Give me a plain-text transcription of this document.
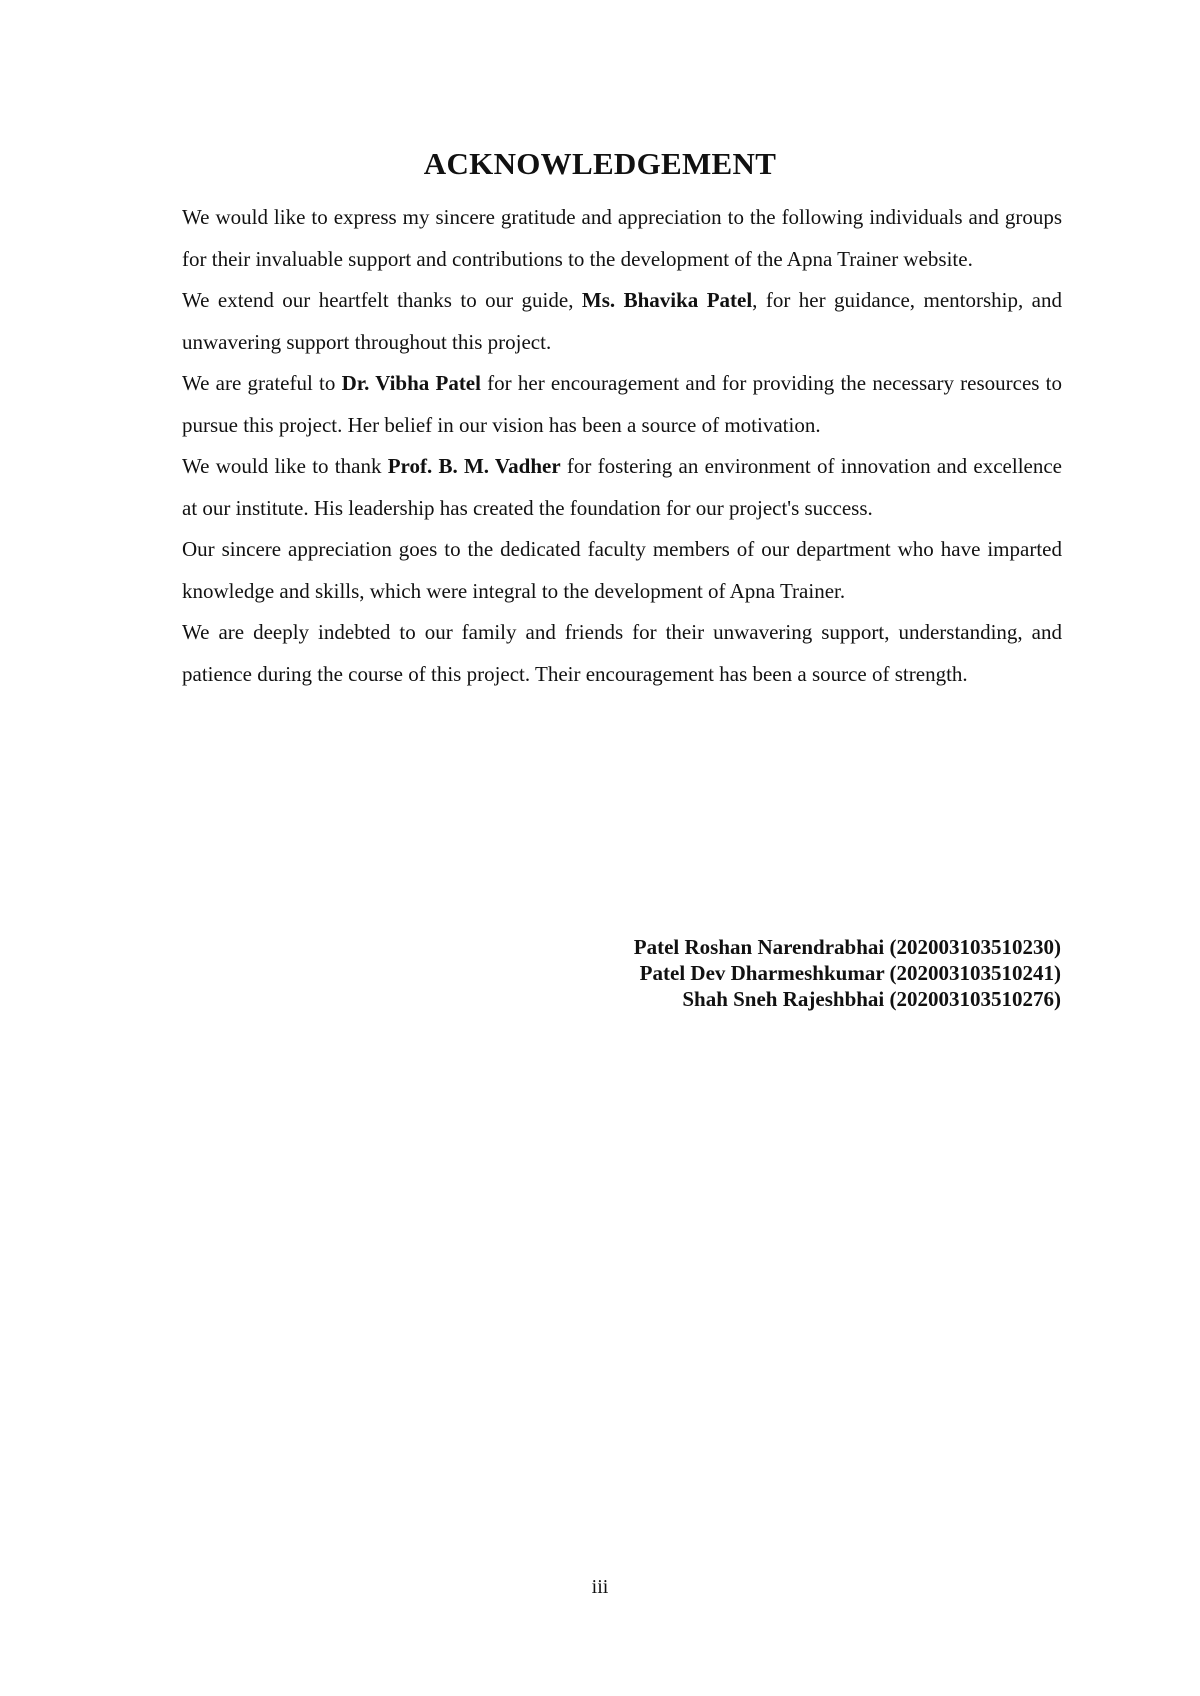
ACKNOWLEDGEMENT

We would like to express my sincere gratitude and appreciation to the following individuals and groups for their invaluable support and contributions to the development of the Apna Trainer website.

We extend our heartfelt thanks to our guide, Ms. Bhavika Patel, for her guidance, mentorship, and unwavering support throughout this project.

We are grateful to Dr. Vibha Patel for her encouragement and for providing the necessary resources to pursue this project. Her belief in our vision has been a source of motivation.

We would like to thank Prof. B. M. Vadher for fostering an environment of innovation and excellence at our institute. His leadership has created the foundation for our project's success.

Our sincere appreciation goes to the dedicated faculty members of our department who have imparted knowledge and skills, which were integral to the development of Apna Trainer.

We are deeply indebted to our family and friends for their unwavering support, understanding, and patience during the course of this project. Their encouragement has been a source of strength.

Patel Roshan Narendrabhai (202003103510230)
Patel Dev Dharmeshkumar (202003103510241)
Shah Sneh Rajeshbhai (202003103510276)
iii
